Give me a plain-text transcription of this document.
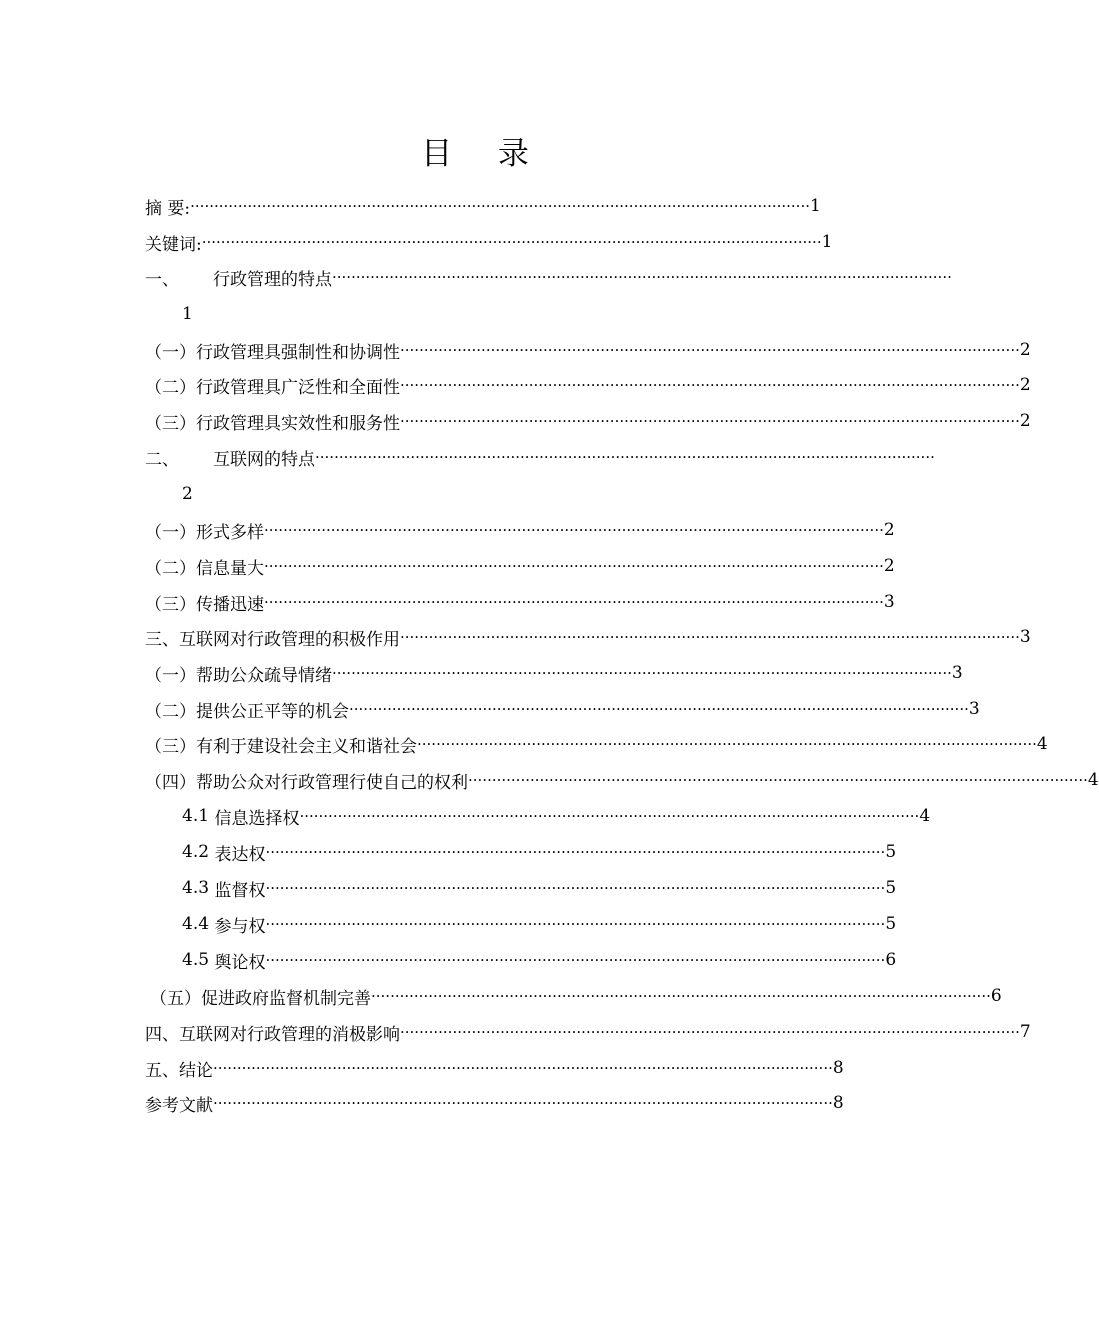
目 录
摘 要: ·································································································································· 1
关键词: ·································································································································· 1
一、	行政管理的特点 ··································································································································
1
（一） 行政管理具强制性和协调性 ·································································································································· 2
（二） 行政管理具广泛性和全面性 ·································································································································· 2
（三） 行政管理具实效性和服务性 ·································································································································· 2
二、	互联网的特点 ··································································································································
2
（一） 形式多样 ·································································································································· 2
（二） 信息量大 ·································································································································· 2
（三） 传播迅速 ·································································································································· 3
三、 互联网对行政管理的积极作用 ·································································································································· 3
（一） 帮助公众疏导情绪 ·································································································································· 3
（二） 提供公正平等的机会 ·································································································································· 3
（三） 有利于建设社会主义和谐社会 ·································································································································· 4
（四） 帮助公众对行政管理行使自己的权利 ·································································································································· 4
4.1 信息选择权 ·································································································································· 4
4.2 表达权 ·································································································································· 5
4.3 监督权 ·································································································································· 5
4.4 参与权 ·································································································································· 5
4.5 舆论权 ·································································································································· 6
（五） 促进政府监督机制完善 ·································································································································· 6
四、 互联网对行政管理的消极影响 ·································································································································· 7
五、 结论 ·································································································································· 8
参考文献 ·································································································································· 8
